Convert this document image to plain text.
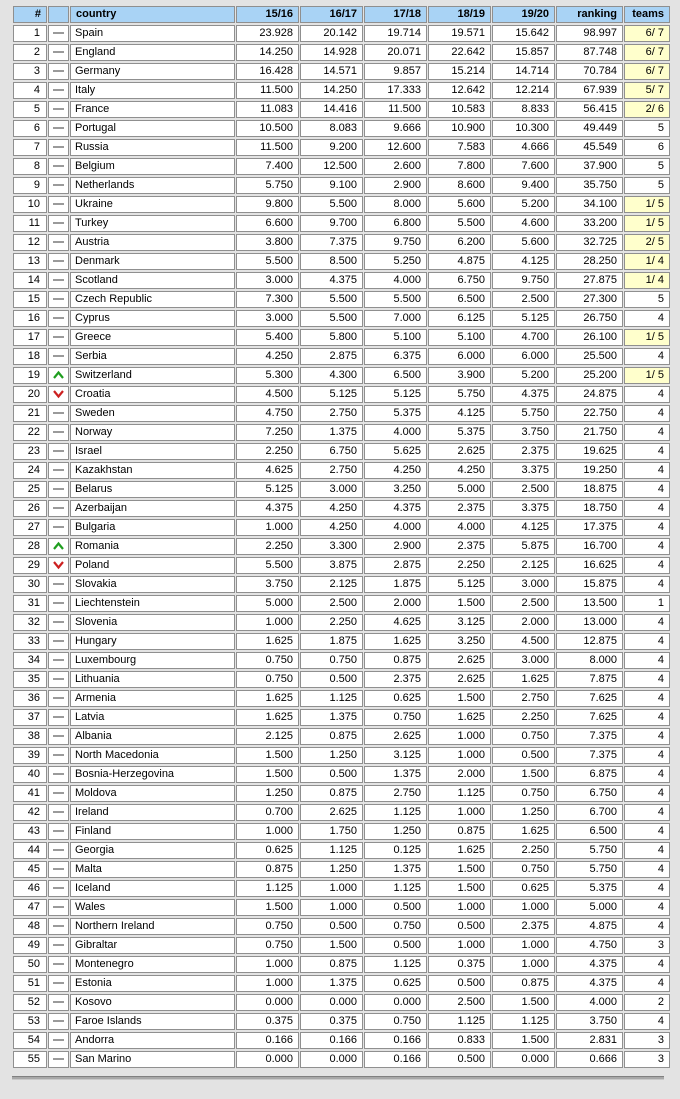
#		country	15/16	16/17	17/18	18/19	19/20	ranking	teams
1		Spain	23.928	20.142	19.714	19.571	15.642	98.997	6/ 7
2		England	14.250	14.928	20.071	22.642	15.857	87.748	6/ 7
3		Germany	16.428	14.571	9.857	15.214	14.714	70.784	6/ 7
4		Italy	11.500	14.250	17.333	12.642	12.214	67.939	5/ 7
5		France	11.083	14.416	11.500	10.583	8.833	56.415	2/ 6
6		Portugal	10.500	8.083	9.666	10.900	10.300	49.449	5
7		Russia	11.500	9.200	12.600	7.583	4.666	45.549	6
8		Belgium	7.400	12.500	2.600	7.800	7.600	37.900	5
9		Netherlands	5.750	9.100	2.900	8.600	9.400	35.750	5
10		Ukraine	9.800	5.500	8.000	5.600	5.200	34.100	1/ 5
11		Turkey	6.600	9.700	6.800	5.500	4.600	33.200	1/ 5
12		Austria	3.800	7.375	9.750	6.200	5.600	32.725	2/ 5
13		Denmark	5.500	8.500	5.250	4.875	4.125	28.250	1/ 4
14		Scotland	3.000	4.375	4.000	6.750	9.750	27.875	1/ 4
15		Czech Republic	7.300	5.500	5.500	6.500	2.500	27.300	5
16		Cyprus	3.000	5.500	7.000	6.125	5.125	26.750	4
17		Greece	5.400	5.800	5.100	5.100	4.700	26.100	1/ 5
18		Serbia	4.250	2.875	6.375	6.000	6.000	25.500	4
19		Switzerland	5.300	4.300	6.500	3.900	5.200	25.200	1/ 5
20		Croatia	4.500	5.125	5.125	5.750	4.375	24.875	4
21		Sweden	4.750	2.750	5.375	4.125	5.750	22.750	4
22		Norway	7.250	1.375	4.000	5.375	3.750	21.750	4
23		Israel	2.250	6.750	5.625	2.625	2.375	19.625	4
24		Kazakhstan	4.625	2.750	4.250	4.250	3.375	19.250	4
25		Belarus	5.125	3.000	3.250	5.000	2.500	18.875	4
26		Azerbaijan	4.375	4.250	4.375	2.375	3.375	18.750	4
27		Bulgaria	1.000	4.250	4.000	4.000	4.125	17.375	4
28		Romania	2.250	3.300	2.900	2.375	5.875	16.700	4
29		Poland	5.500	3.875	2.875	2.250	2.125	16.625	4
30		Slovakia	3.750	2.125	1.875	5.125	3.000	15.875	4
31		Liechtenstein	5.000	2.500	2.000	1.500	2.500	13.500	1
32		Slovenia	1.000	2.250	4.625	3.125	2.000	13.000	4
33		Hungary	1.625	1.875	1.625	3.250	4.500	12.875	4
34		Luxembourg	0.750	0.750	0.875	2.625	3.000	8.000	4
35		Lithuania	0.750	0.500	2.375	2.625	1.625	7.875	4
36		Armenia	1.625	1.125	0.625	1.500	2.750	7.625	4
37		Latvia	1.625	1.375	0.750	1.625	2.250	7.625	4
38		Albania	2.125	0.875	2.625	1.000	0.750	7.375	4
39		North Macedonia	1.500	1.250	3.125	1.000	0.500	7.375	4
40		Bosnia-Herzegovina	1.500	0.500	1.375	2.000	1.500	6.875	4
41		Moldova	1.250	0.875	2.750	1.125	0.750	6.750	4
42		Ireland	0.700	2.625	1.125	1.000	1.250	6.700	4
43		Finland	1.000	1.750	1.250	0.875	1.625	6.500	4
44		Georgia	0.625	1.125	0.125	1.625	2.250	5.750	4
45		Malta	0.875	1.250	1.375	1.500	0.750	5.750	4
46		Iceland	1.125	1.000	1.125	1.500	0.625	5.375	4
47		Wales	1.500	1.000	0.500	1.000	1.000	5.000	4
48		Northern Ireland	0.750	0.500	0.750	0.500	2.375	4.875	4
49		Gibraltar	0.750	1.500	0.500	1.000	1.000	4.750	3
50		Montenegro	1.000	0.875	1.125	0.375	1.000	4.375	4
51		Estonia	1.000	1.375	0.625	0.500	0.875	4.375	4
52		Kosovo	0.000	0.000	0.000	2.500	1.500	4.000	2
53		Faroe Islands	0.375	0.375	0.750	1.125	1.125	3.750	4
54		Andorra	0.166	0.166	0.166	0.833	1.500	2.831	3
55		San Marino	0.000	0.000	0.166	0.500	0.000	0.666	3
